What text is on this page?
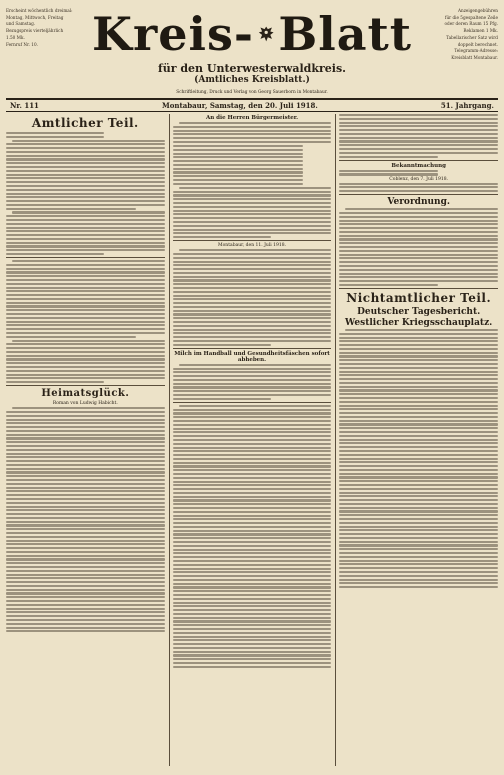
Erscheint wöchentlich dreimal:

Montag, Mittwoch, Freitag

und Samstag.

Bezugspreis vierteljährlich

1.50 Mk.

Fernruf Nr. 10.	Kreis- Blatt
für den Unterwesterwaldkreis.
(Amtliches Kreisblatt.)

Anzeigengebühren

für die 5gespaltene Zeile

oder deren Raum 15 Pfg.

Reklamen 1 Mk.

Tabellarischer Satz wird

doppelt berechnet.

Telegramm-Adresse:

Kreisblatt Montabaur.

Schriftleitung, Druck und Verlag von Georg Sauerborn in Montabaur.
Nr. 111	Montabaur, Samstag, den 20. Juli 1918.	51. Jahrgang.
Amtlicher Teil.
Heimatsglück.
Roman von Ludwig Habicht.
An die Herren Bürgermeister.
Montabaur, den 11. Juli 1918.
Milch im Handball und Gesundheitsfäschen sofort abheben.
Bekanntmachung
Coblenz, den 7. Juli 1918.
Verordnung.
Nichtamtlicher Teil.
Deutscher Tagesbericht.
Westlicher Kriegsschauplatz.
